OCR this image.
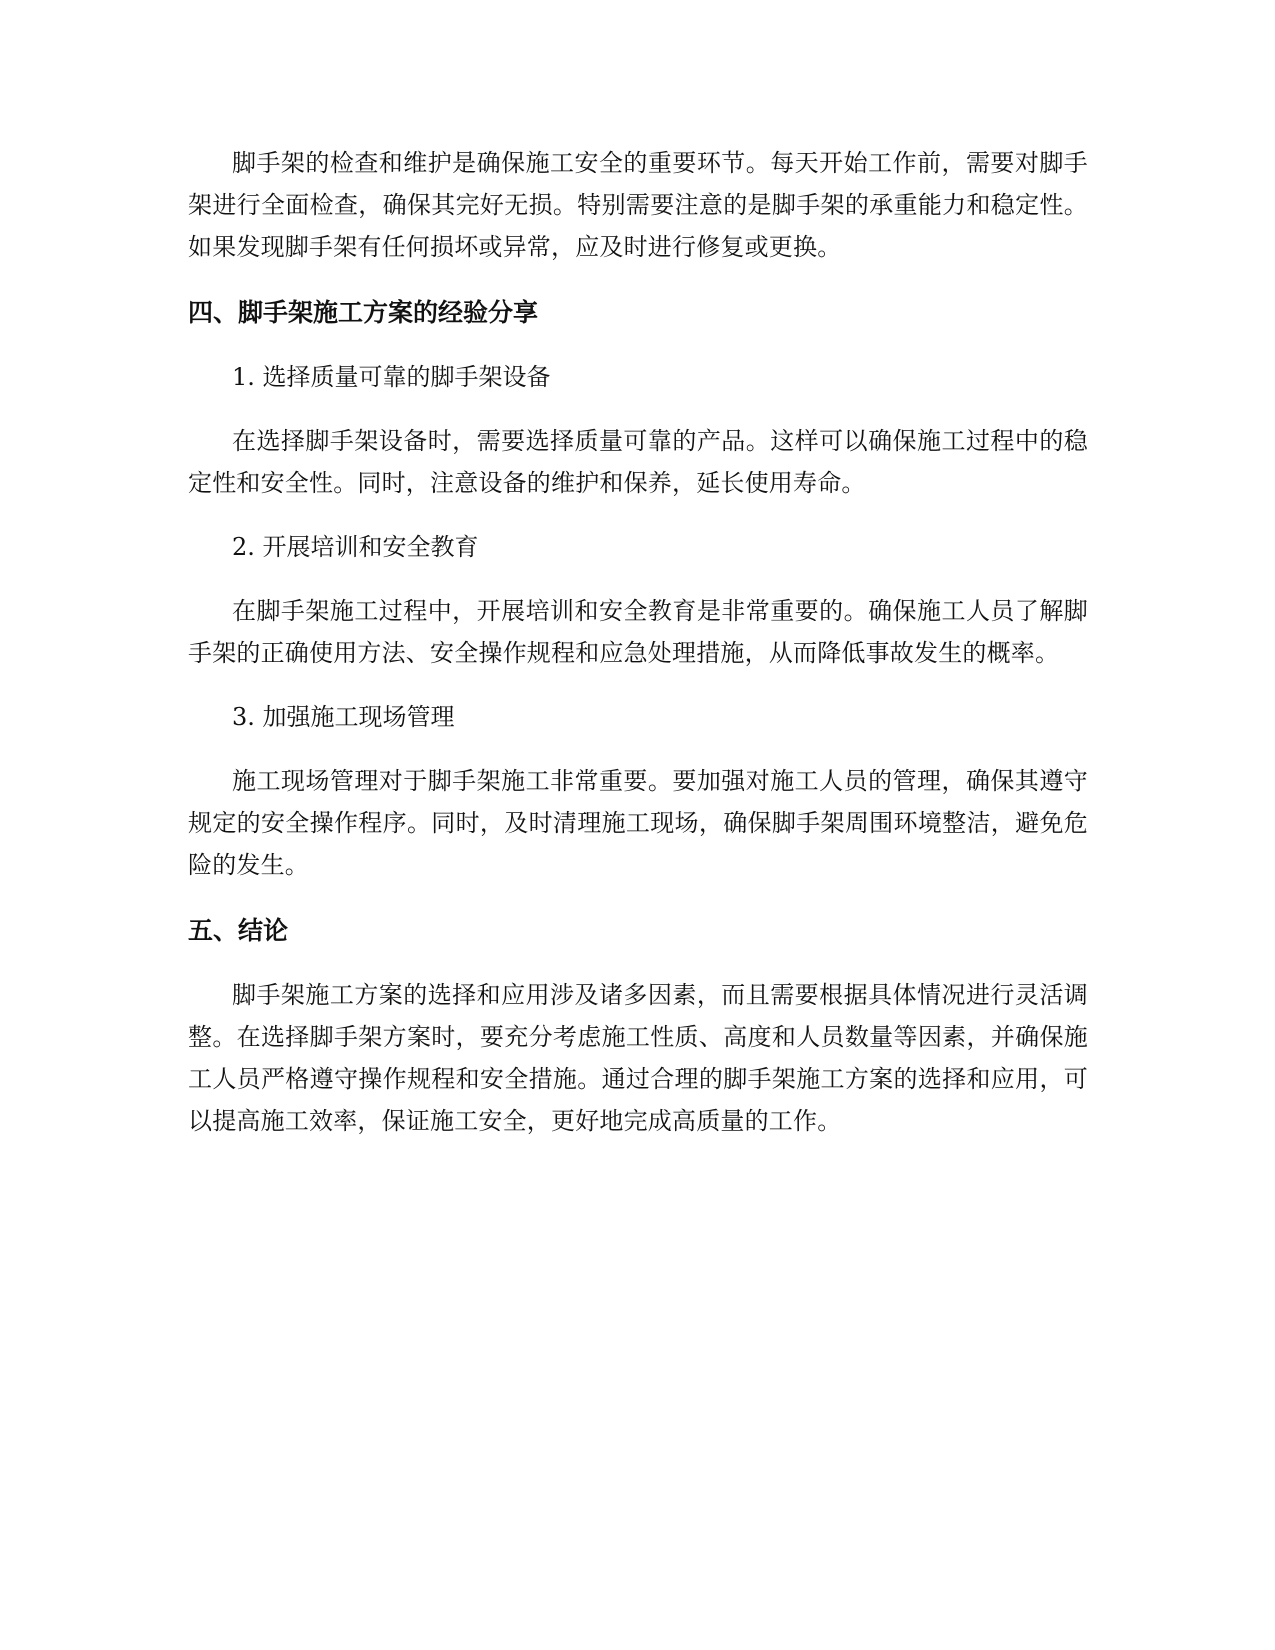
脚手架的检查和维护是确保施工安全的重要环节。每天开始工作前，需要对脚手架进行全面检查，确保其完好无损。特别需要注意的是脚手架的承重能力和稳定性。如果发现脚手架有任何损坏或异常，应及时进行修复或更换。

四、脚手架施工方案的经验分享

1. 选择质量可靠的脚手架设备

在选择脚手架设备时，需要选择质量可靠的产品。这样可以确保施工过程中的稳定性和安全性。同时，注意设备的维护和保养，延长使用寿命。

2. 开展培训和安全教育

在脚手架施工过程中，开展培训和安全教育是非常重要的。确保施工人员了解脚手架的正确使用方法、安全操作规程和应急处理措施，从而降低事故发生的概率。

3. 加强施工现场管理

施工现场管理对于脚手架施工非常重要。要加强对施工人员的管理，确保其遵守规定的安全操作程序。同时，及时清理施工现场，确保脚手架周围环境整洁，避免危险的发生。

五、结论

脚手架施工方案的选择和应用涉及诸多因素，而且需要根据具体情况进行灵活调整。在选择脚手架方案时，要充分考虑施工性质、高度和人员数量等因素，并确保施工人员严格遵守操作规程和安全措施。通过合理的脚手架施工方案的选择和应用，可以提高施工效率，保证施工安全，更好地完成高质量的工作。
